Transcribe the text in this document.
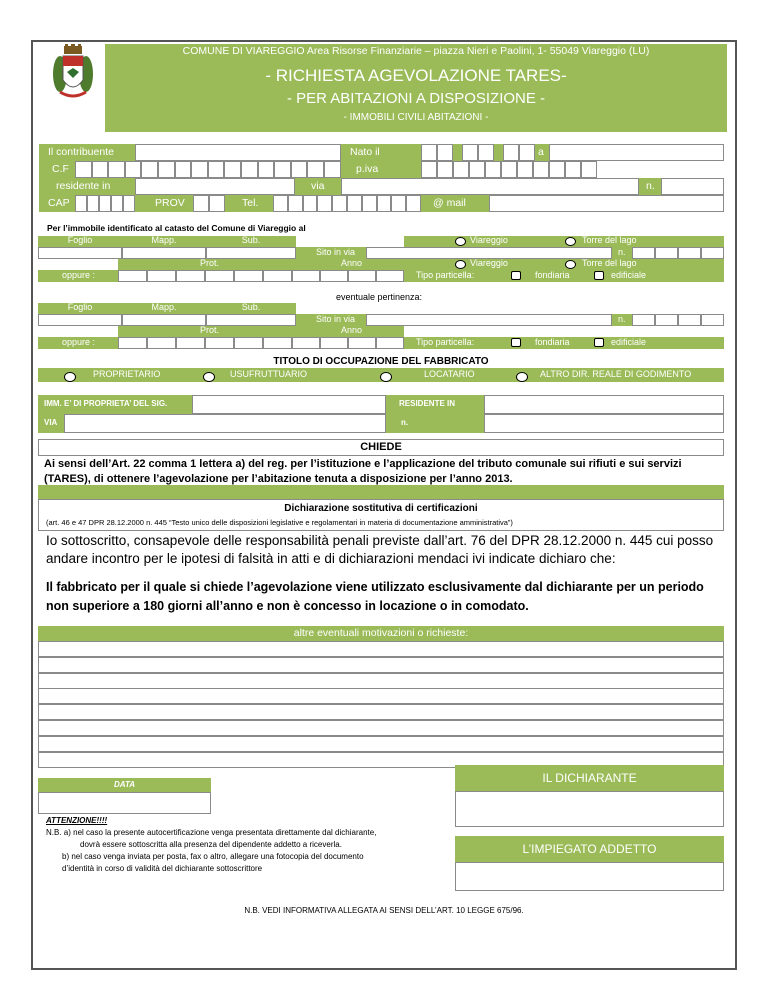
COMUNE DI VIAREGGIO Area Risorse Finanziarie – piazza Nieri e Paolini, 1- 55049 Viareggio (LU)
- RICHIESTA AGEVOLAZIONE TARES-
- PER ABITAZIONI A DISPOSIZIONE -
- IMMOBILI CIVILI ABITAZIONI -
Il contribuente	Nato il	a
C.F	p.iva
residente in	via	n.
CAP	PROV	Tel.	@ mail
Per l’immobile identificato al catasto del Comune di Viareggio al
Foglio	Mapp.	Sub.	Viareggio	Torre del lago
Sito in via	n.
Prot.	Anno	Viareggio	Torre del lago
oppure :	Tipo particella:	fondiaria	edificiale
eventuale pertinenza:
Foglio	Mapp.	Sub.
Sito in via	n.
Prot.	Anno
oppure :	Tipo particella:	fondiaria	edificiale
TITOLO DI OCCUPAZIONE DEL FABBRICATO
PROPRIETARIO	USUFRUTTUARIO	LOCATARIO	ALTRO DIR. REALE DI GODIMENTO
IMM. E’ DI PROPRIETA’ DEL SIG.	RESIDENTE IN
VIA	n.
CHIEDE
Ai sensi dell’Art. 22 comma 1 lettera a) del reg. per l’istituzione e l’applicazione del tributo comunale sui rifiuti e sui servizi (TARES), di ottenere l’agevolazione per l’abitazione tenuta a disposizione per l’anno 2013.
Dichiarazione sostitutiva di certificazioni
(art. 46 e 47 DPR 28.12.2000 n. 445 “Testo unico delle disposizioni legislative e regolamentari in materia di documentazione amministrativa”)
Io sottoscritto, consapevole delle responsabilità penali previste dall’art. 76 del DPR 28.12.2000 n. 445 cui posso andare incontro per le ipotesi di falsità in atti e di dichiarazioni mendaci ivi indicate dichiaro che:
Il fabbricato per il quale si chiede l’agevolazione viene utilizzato esclusivamente dal dichiarante per un periodo non superiore a 180 giorni all’anno e non è concesso in locazione o in comodato.
altre eventuali motivazioni o richieste:
DATA	IL DICHIARANTE
L’IMPIEGATO ADDETTO
ATTENZIONE!!!!
N.B. a) nel caso la presente autocertificazione venga presentata direttamente dal dichiarante,
dovrà essere sottoscritta alla presenza del dipendente addetto a riceverla.
b) nel caso venga inviata per posta, fax o altro, allegare una fotocopia del documento
d’identità in corso di validità del dichiarante sottoscrittore
N.B. VEDI INFORMATIVA ALLEGATA AI SENSI DELL’ART. 10 LEGGE 675/96.
